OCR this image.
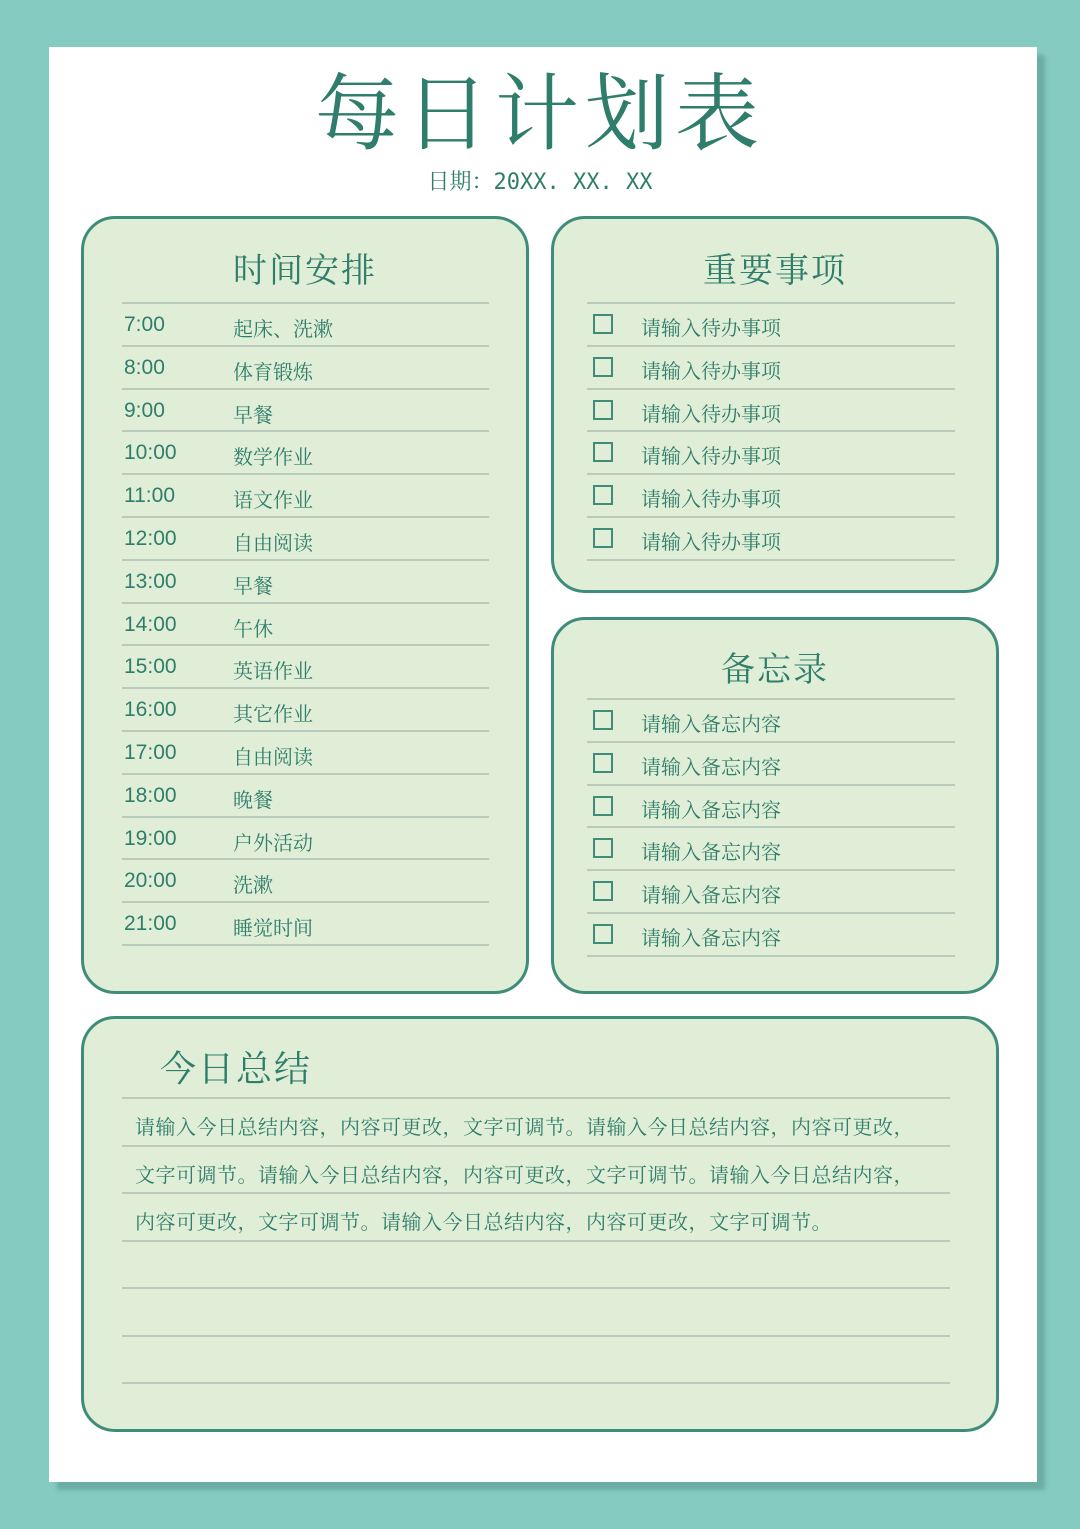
每日计划表
日期：20XX. XX. XX
时间安排
7:00	起床、洗漱
8:00	体育锻炼
9:00	早餐
10:00	数学作业
11:00	语文作业
12:00	自由阅读
13:00	早餐
14:00	午休
15:00	英语作业
16:00	其它作业
17:00	自由阅读
18:00	晚餐
19:00	户外活动
20:00	洗漱
21:00	睡觉时间
重要事项
请输入待办事项
请输入待办事项
请输入待办事项
请输入待办事项
请输入待办事项
请输入待办事项
备忘录
请输入备忘内容
请输入备忘内容
请输入备忘内容
请输入备忘内容
请输入备忘内容
请输入备忘内容
今日总结
请输入今日总结内容，内容可更改，文字可调节。请输入今日总结内容，内容可更改，
文字可调节。请输入今日总结内容，内容可更改，文字可调节。请输入今日总结内容，
内容可更改，文字可调节。请输入今日总结内容，内容可更改，文字可调节。
